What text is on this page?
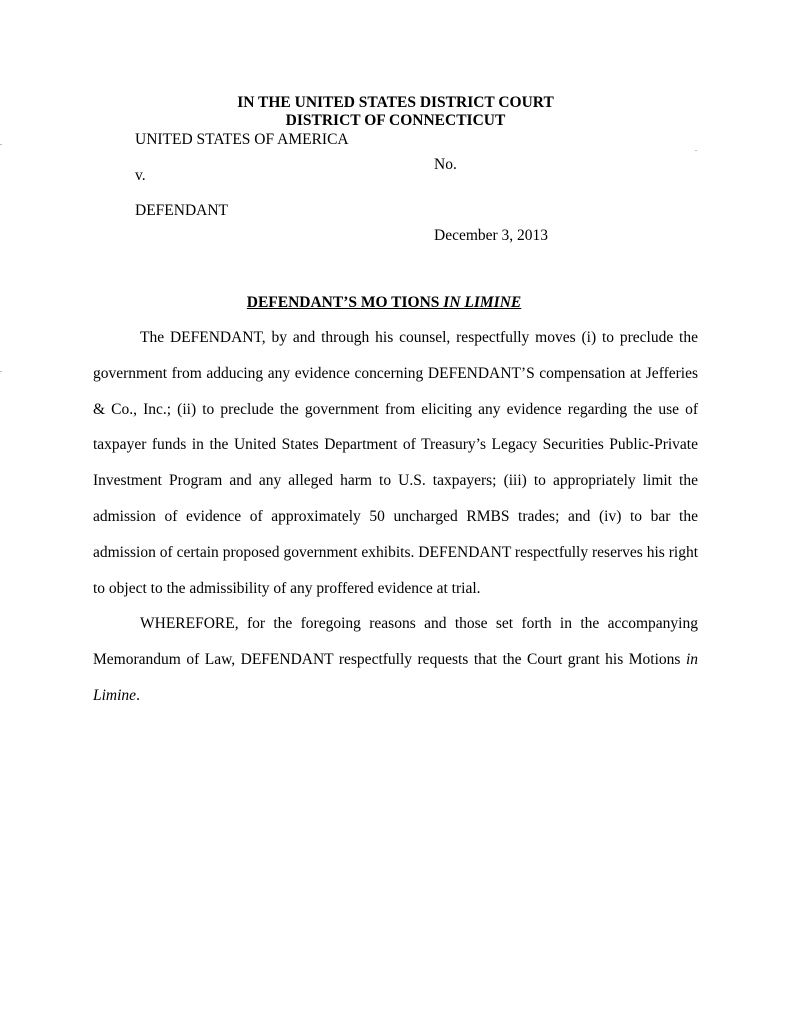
IN THE UNITED STATES DISTRICT COURT
DISTRICT OF CONNECTICUT
UNITED STATES OF AMERICA
No.
v.
DEFENDANT
December 3, 2013
DEFENDANT’S MO TIONS IN LIMINE

The DEFENDANT, by and through his counsel, respectfully moves (i) to preclude the government from adducing any evidence concerning DEFENDANT’S compensation at Jefferies & Co., Inc.; (ii) to preclude the government from eliciting any evidence regarding the use of taxpayer funds in the United States Department of Treasury’s Legacy Securities Public-Private Investment Program and any alleged harm to U.S. taxpayers; (iii) to appropriately limit the admission of evidence of approximately 50 uncharged RMBS trades; and (iv) to bar the admission of certain proposed government exhibits. DEFENDANT respectfully reserves his right to object to the admissibility of any proffered evidence at trial.

WHEREFORE, for the foregoing reasons and those set forth in the accompanying Memorandum of Law, DEFENDANT respectfully requests that the Court grant his Motions in Limine.
